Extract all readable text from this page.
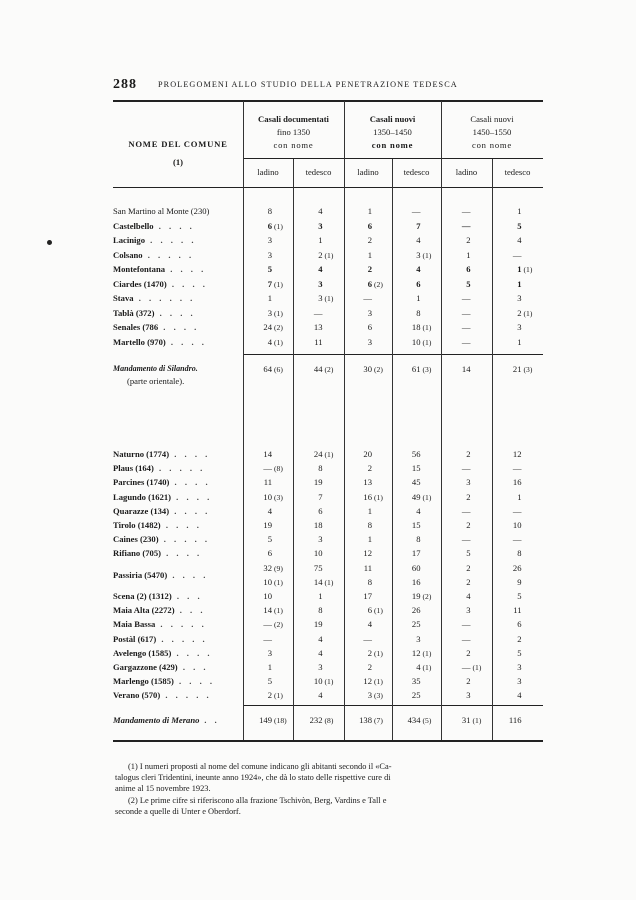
288	PROLEGOMENI ALLO STUDIO DELLA PENETRAZIONE TEDESCA
NOME DEL COMUNE
(1)
Casali documentati
fino 1350
con nome
Casali nuovi
1350–1450
con nome
Casali nuovi
1450–1550
con nome
ladino	tedesco	ladino	tedesco	ladino	tedesco
San Martino al Monte (230)	8	4	1	—	—	1
Castelbello . . . .	6 (1)	3	6	7	—	5
Lacinigo . . . . .	3	1	2	4	2	4
Colsano . . . . .	3	2 (1)	1	3 (1)	1	—
Montefontana . . . .	5	4	2	4	6	1 (1)
Ciardes (1470) . . . .	7 (1)	3	6 (2)	6	5	1
Stava . . . . . .	1	3 (1)	—	1	—	3
Tablà (372) . . . .	3 (1)	—	3	8	—	2 (1)
Senales (786 . . . .	24 (2)	13	6	18 (1)	—	3
Martello (970) . . . .	4 (1)	11	3	10 (1)	—	1
Mandamento di Silandro.
(parte orientale).
64 (6)	44 (2)	30 (2)	61 (3)	14	21 (3)
Naturno (1774) . . . .	14	24 (1)	20	56	2	12
Plaus (164) . . . . .	— (8)	8	2	15	—	—
Parcines (1740) . . . .	11	19	13	45	3	16
Lagundo (1621) . . . .	10 (3)	7	16 (1)	49 (1)	2	1
Quarazze (134) . . . .	4	6	1	4	—	—
Tirolo (1482) . . . .	19	18	8	15	2	10
Caines (230) . . . . .	5	3	1	8	—	—
Rifiano (705) . . . .	6	10	12	17	5	8
Passiria (5470) . . . .
32 (9)	75	11	60	2	26
10 (1)	14 (1)	8	16	2	9
Scena (2) (1312) . . .	10	1	17	19 (2)	4	5
Maia Alta (2272) . . .	14 (1)	8	6 (1)	26	3	11
Maia Bassa . . . . .	— (2)	19	4	25	—	6
Postàl (617) . . . . .	—	4	—	3	—	2
Avelengo (1585) . . . .	3	4	2 (1)	12 (1)	2	5
Gargazzone (429) . . .	1	3	2	4 (1)	— (1)	3
Marlengo (1585) . . . .	5	10 (1)	12 (1)	35	2	3
Verano (570) . . . . .	2 (1)	4	3 (3)	25	3	4
Mandamento di Merano . .	149 (18)	232 (8)	138 (7)	434 (5)	31 (1)	116
(1) I numeri proposti al nome del comune indicano gli abitanti secondo il «Ca-
talogus cleri Tridentini, ineunte anno 1924», che dà lo stato delle rispettive cure di
anime al 15 novembre 1923.
(2) Le prime cifre si riferiscono alla frazione Tschivòn, Berg, Vardins e Tall e
seconde a quelle di Unter e Oberdorf.
